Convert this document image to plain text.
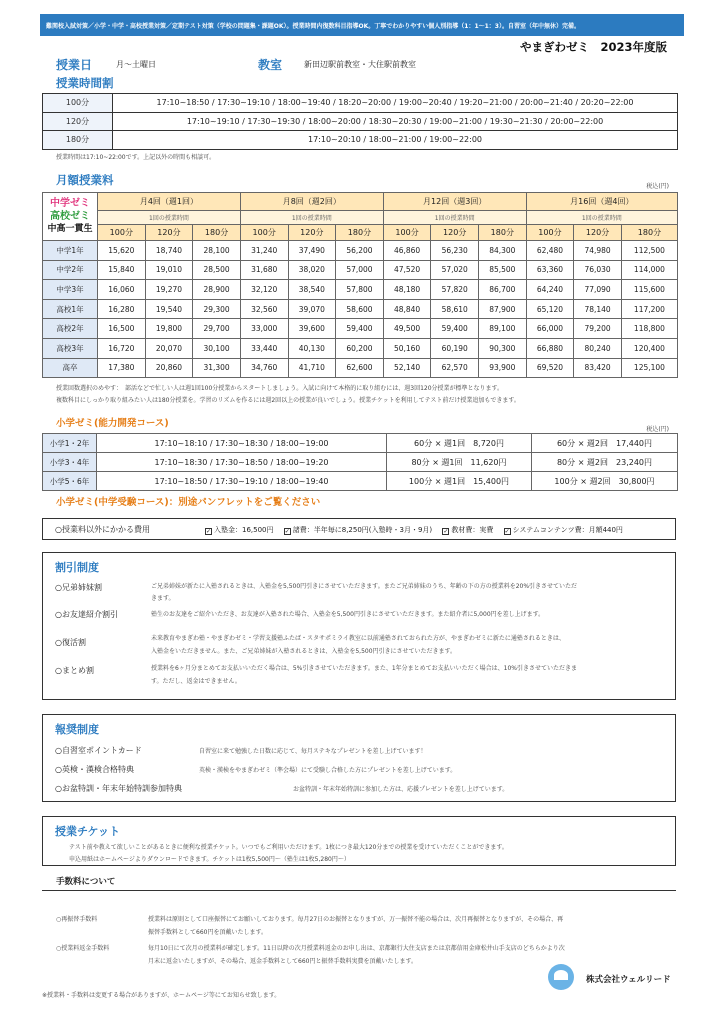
難関校入試対策／小学・中学・高校授業対策／定期テスト対策（学校の問題集・課題OK）。授業時間内復数科目指導OK。丁寧でわかりやすい個人別指導（1：1～1：3）。自習室（年中無休）完備。
やまぎわゼミ　2023年度版
授業日	月～土曜日	教室	新田辺駅前教室・大住駅前教室
授業時間割
100分	17:10~18:50 / 17:30~19:10 / 18:00~19:40 / 18:20~20:00 / 19:00~20:40 / 19:20~21:00 / 20:00~21:40 / 20:20~22:00
120分	17:10~19:10 / 17:30~19:30 / 18:00~20:00 / 18:30~20:30 / 19:00~21:00 / 19:30~21:30 / 20:00~22:00
180分	17:10~20:10 / 18:00~21:00 / 19:00~22:00
授業時間は17:10~22:00です。上記以外の時間も相談可。
月額授業料	税込(円)
中学ゼミ
高校ゼミ
中高一貫生	月4回（週1回）			月8回（週2回）			月12回（週3回）			月16回（週4回）		
	1回の授業時間			1回の授業時間			1回の授業時間			1回の授業時間		
	100分	120分	180分	100分	120分	180分	100分	120分	180分	100分	120分	180分
中学1年	15,620	18,740	28,100	31,240	37,490	56,200	46,860	56,230	84,300	62,480	74,980	112,500
中学2年	15,840	19,010	28,500	31,680	38,020	57,000	47,520	57,020	85,500	63,360	76,030	114,000
中学3年	16,060	19,270	28,900	32,120	38,540	57,800	48,180	57,820	86,700	64,240	77,090	115,600
高校1年	16,280	19,540	29,300	32,560	39,070	58,600	48,840	58,610	87,900	65,120	78,140	117,200
高校2年	16,500	19,800	29,700	33,000	39,600	59,400	49,500	59,400	89,100	66,000	79,200	118,800
高校3年	16,720	20,070	30,100	33,440	40,130	60,200	50,160	60,190	90,300	66,880	80,240	120,400
高卒	17,380	20,860	31,300	34,760	41,710	62,600	52,140	62,570	93,900	69,520	83,420	125,100
授業回数選択のめやす：　部活などで忙しい人は週1回100分授業からスタートしましょう。入試に向けて本格的に取り組むには、週3回120分授業が標準となります。
複数科目にしっかり取り組みたい人は180分授業を。学習のリズムを作るには週2回以上の授業が良いでしょう。授業チケットを利用してテスト前だけ授業追加もできます。
小学ゼミ(能力開発コース)
税込(円)
小学1・2年	17:10~18:10 / 17:30~18:30 / 18:00~19:00	60分 × 週1回　8,720円	60分 × 週2回　17,440円
小学3・4年	17:10~18:30 / 17:30~18:50 / 18:00~19:20	80分 × 週1回　11,620円	80分 × 週2回　23,240円
小学5・6年	17:10~18:50 / 17:30~19:10 / 18:00~19:40	100分 × 週1回　15,400円	100分 × 週2回　30,800円
小学ゼミ(中学受験コース)：別途パンフレットをご覧ください
○授業料以外にかかる費用	✓ 入塾金：16,500円 ✓ 諸費：半年毎に8,250円(入塾時・3月・9月) ✓ 教材費：実費 ✓ システムコンテンツ費：月額440円
割引制度
○兄弟姉妹割	ご兄弟姉妹が新たに入塾されるときは、入塾金を5,500円引きにさせていただきます。またご兄弟姉妹のうち、年齢の下の方の授業料を20%引きさせていただ
きます。
○お友達紹介割引	塾生のお友達をご紹介いただき、お友達が入塾された場合、入塾金を5,500円引きにさせていただきます。また紹介者に5,000円を差し上げます。
○復活割	未来教育やまぎわ塾・やまぎわゼミ・学習支援塾ふたば・スタサポミライ教室に以前通塾されておられた方が、やまぎわゼミに新たに通塾されるときは、
入塾金をいただきません。また、ご兄弟姉妹が入塾されるときは、入塾金を5,500円引きにさせていただきます。
○まとめ割	授業料を6ヶ月分まとめてお支払いいただく場合は、5%引きさせていただきます。また、1年分まとめてお支払いいただく場合は、10%引きさせていただきま
す。ただし、返金はできません。
報奨制度
○自習室ポイントカード	自習室に来て勉強した日数に応じて、毎月ステキなプレゼントを差し上げています！
○英検・漢検合格特典	英検・漢検をやまぎわゼミ（準会場）にて受験し合格した方にプレゼントを差し上げています。
○お盆特訓・年末年始特訓参加特典	お盆特訓・年末年始特訓に参加した方は、応援プレゼントを差し上げています。
授業チケット
テスト前や教えて欲しいことがあるときに便利な授業チケット。いつでもご利用いただけます。1枚につき最大120分までの授業を受けていただくことができます。
申込用紙はホームページよりダウンロードできます。チケットは1枚5,500円～（塾生は1枚5,280円～）
手数料について
○再振替手数料	授業料は原則として口座振替にてお願いしております。毎月27日のお振替となりますが、万一振替不能の場合は、次月再振替となりますが、その場合、再
振替手数料として660円を頂戴いたします。
○授業料返金手数料	毎月10日にて次月の授業料が確定します。11日以降の次月授業料返金のお申し出は、京都銀行大住支店または京都信用金庫松井山手支店のどちらかより次
月末に返金いたしますが、その場合、返金手数料として660円と振替手数料実費を頂戴いたします。
株式会社ウェルリード
※授業料・手数料は変更する場合がありますが、ホームページ等にてお知らせ致します。
